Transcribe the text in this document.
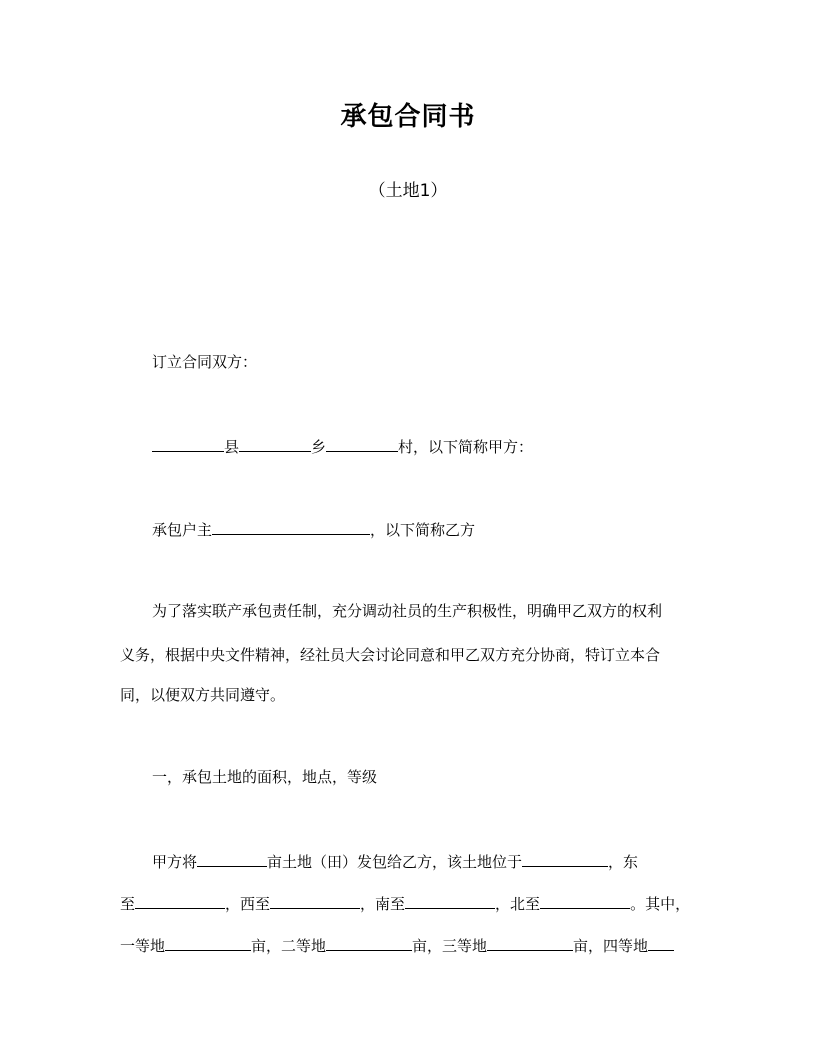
承包合同书
（土地1）
订立合同双方：
县	乡	村，以下简称甲方：
承包户主	，以下简称乙方
为了落实联产承包责任制，充分调动社员的生产积极性，明确甲乙双方的权利
义务，根据中央文件精神，经社员大会讨论同意和甲乙双方充分协商，特订立本合
同，以便双方共同遵守。
一，承包土地的面积，地点，等级
甲方将	亩土地（田）发包给乙方，该土地位于	，东
至	，西至	，南至	，北至	。其中，
一等地	亩，二等地	亩，三等地	亩，四等地
